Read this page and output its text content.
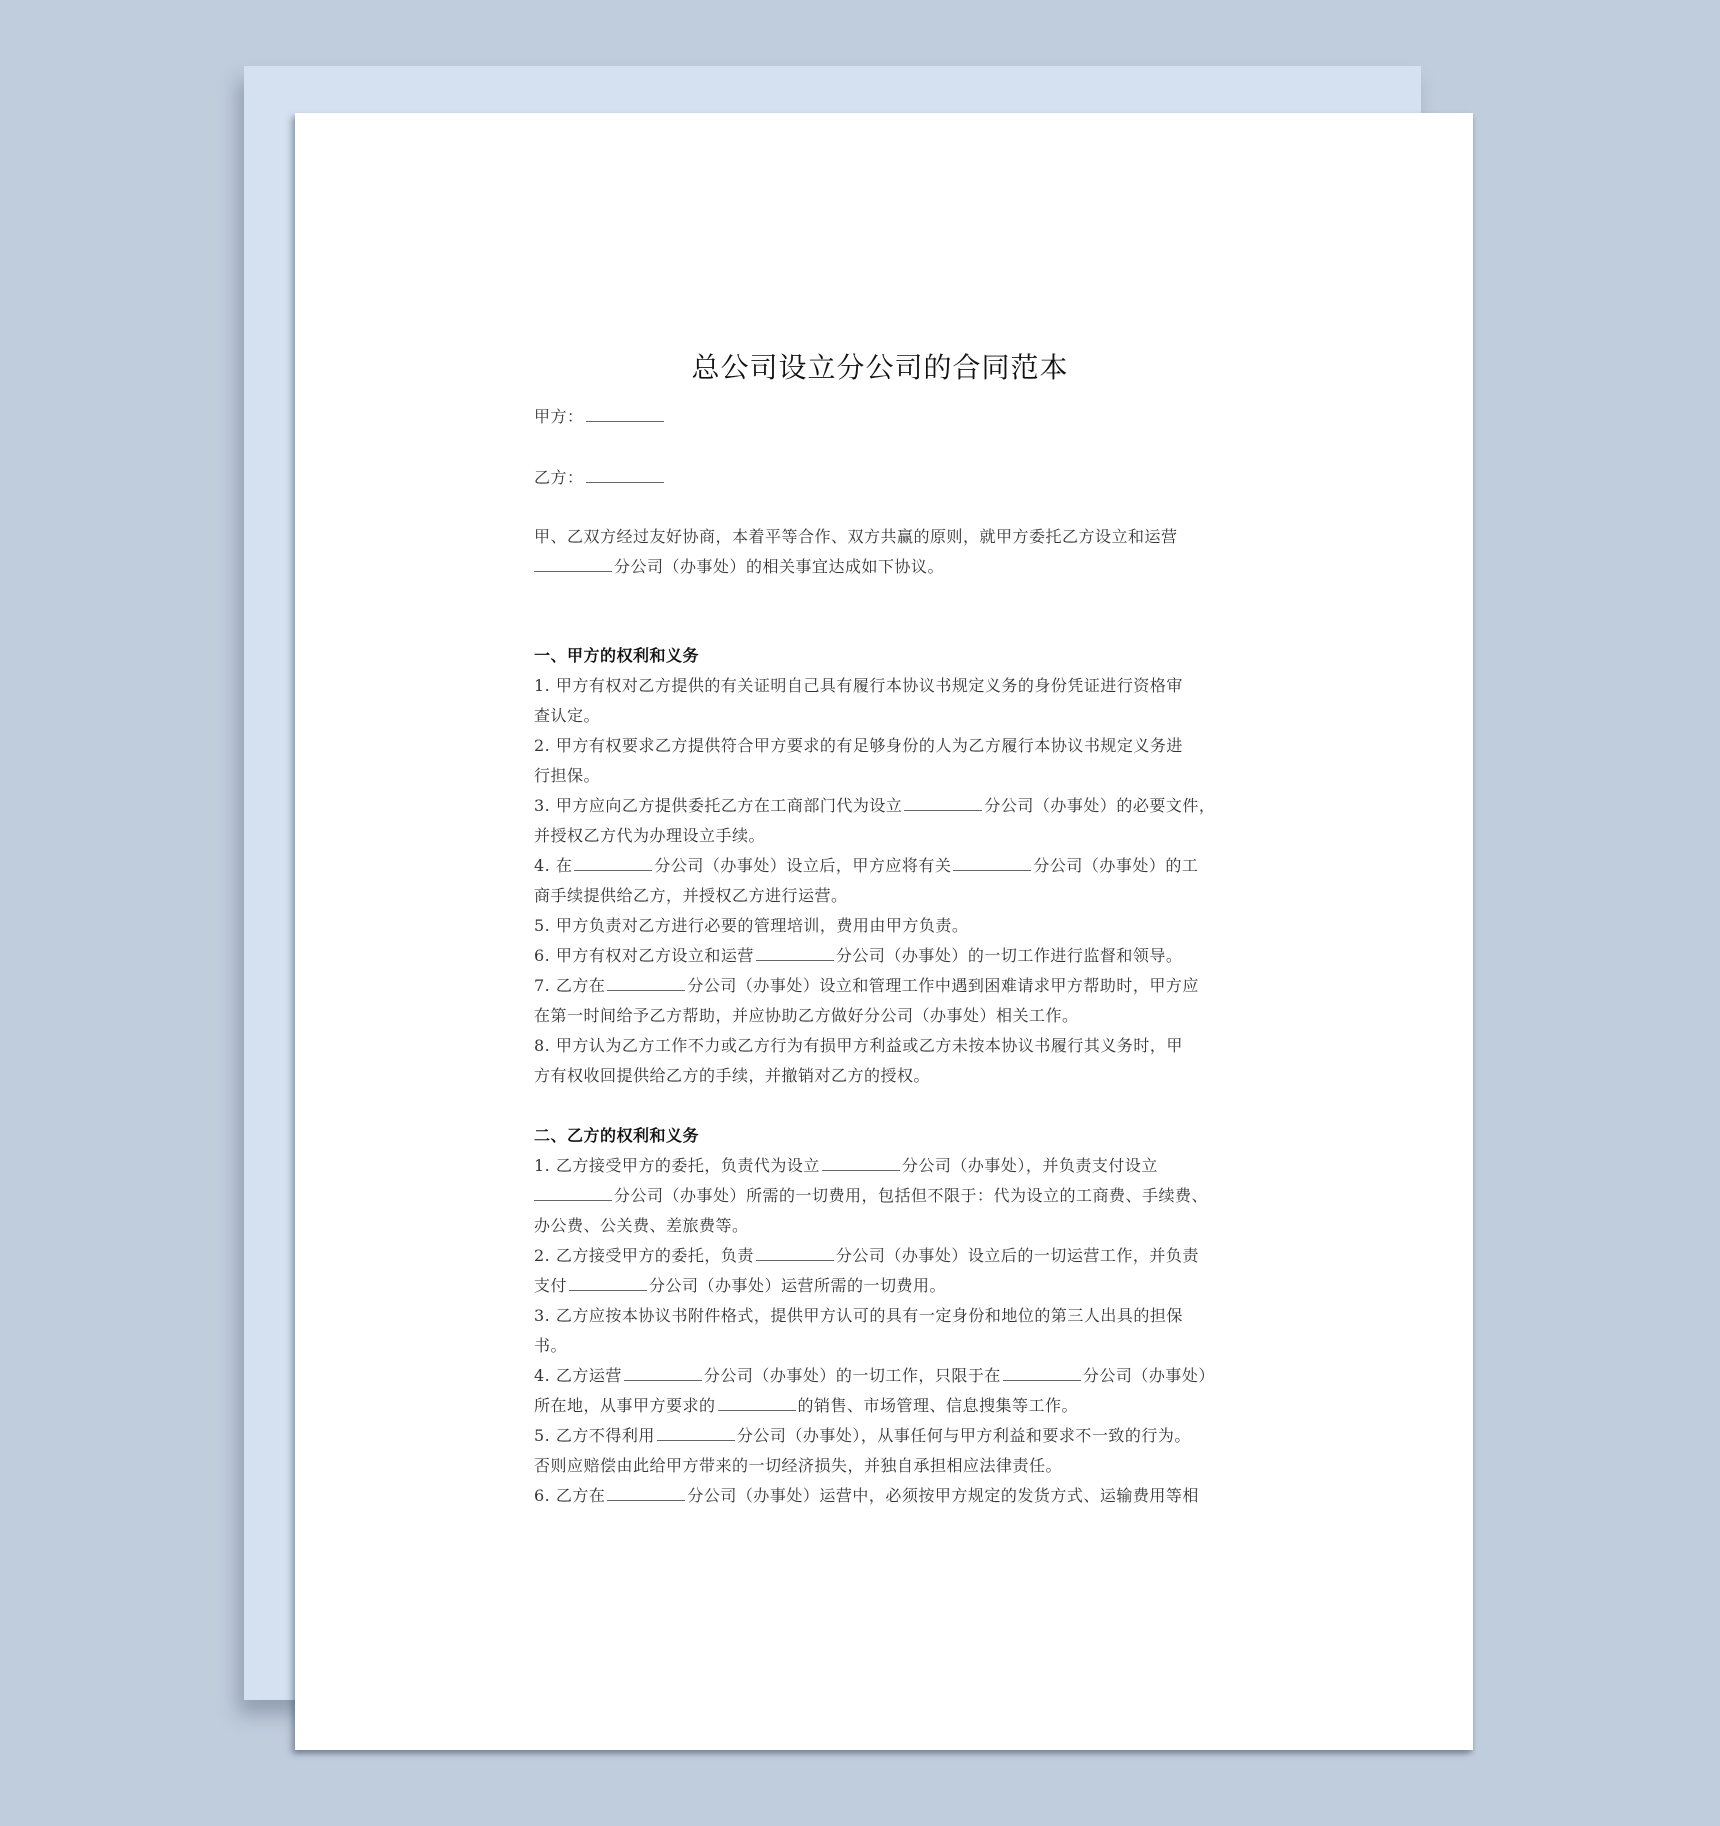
总公司设立分公司的合同范本
甲方：
乙方：
甲、乙双方经过友好协商，本着平等合作、双方共赢的原则，就甲方委托乙方设立和运营
分公司（办事处）的相关事宜达成如下协议。
一、甲方的权利和义务
1. 甲方有权对乙方提供的有关证明自己具有履行本协议书规定义务的身份凭证进行资格审
查认定。
2. 甲方有权要求乙方提供符合甲方要求的有足够身份的人为乙方履行本协议书规定义务进
行担保。
3. 甲方应向乙方提供委托乙方在工商部门代为设立	分公司（办事处）的必要文件，
并授权乙方代为办理设立手续。
4. 在	分公司（办事处）设立后，甲方应将有关	分公司（办事处）的工
商手续提供给乙方，并授权乙方进行运营。
5. 甲方负责对乙方进行必要的管理培训，费用由甲方负责。
6. 甲方有权对乙方设立和运营	分公司（办事处）的一切工作进行监督和领导。
7. 乙方在	分公司（办事处）设立和管理工作中遇到困难请求甲方帮助时，甲方应
在第一时间给予乙方帮助，并应协助乙方做好分公司（办事处）相关工作。
8. 甲方认为乙方工作不力或乙方行为有损甲方利益或乙方未按本协议书履行其义务时，甲
方有权收回提供给乙方的手续，并撤销对乙方的授权。
二、乙方的权利和义务
1. 乙方接受甲方的委托，负责代为设立	分公司（办事处），并负责支付设立
分公司（办事处）所需的一切费用，包括但不限于：代为设立的工商费、手续费、
办公费、公关费、差旅费等。
2. 乙方接受甲方的委托，负责	分公司（办事处）设立后的一切运营工作，并负责
支付	分公司（办事处）运营所需的一切费用。
3. 乙方应按本协议书附件格式，提供甲方认可的具有一定身份和地位的第三人出具的担保
书。
4. 乙方运营	分公司（办事处）的一切工作，只限于在	分公司（办事处）
所在地，从事甲方要求的	的销售、市场管理、信息搜集等工作。
5. 乙方不得利用	分公司（办事处），从事任何与甲方利益和要求不一致的行为。
否则应赔偿由此给甲方带来的一切经济损失，并独自承担相应法律责任。
6. 乙方在	分公司（办事处）运营中，必须按甲方规定的发货方式、运输费用等相
